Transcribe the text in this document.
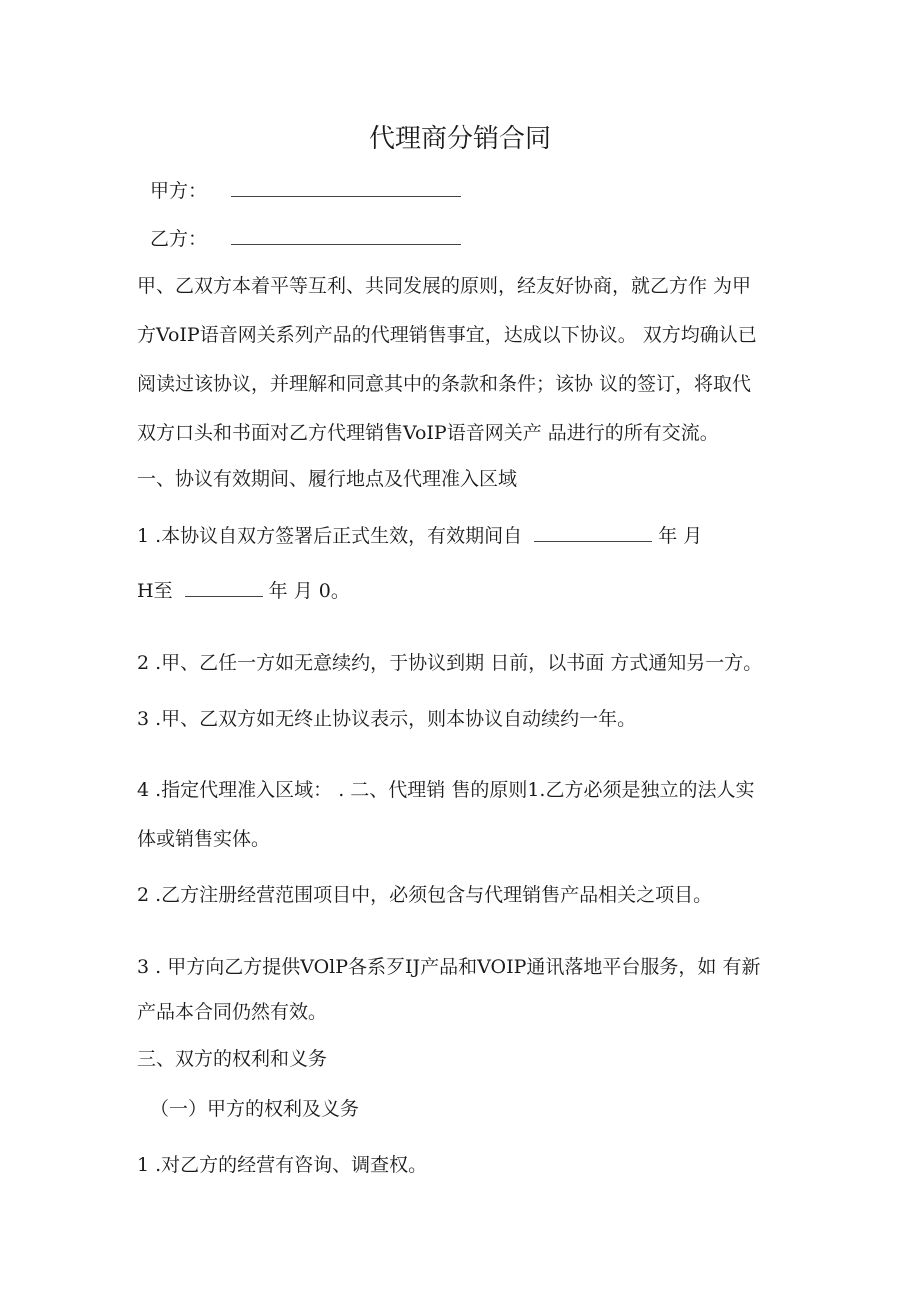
代理商分销合同
甲方：
乙方：
甲、乙双方本着平等互利、共同发展的原则，经友好协商，就乙方作 为甲
方VoIP语音网关系列产品的代理销售事宜，达成以下协议。 双方均确认已
阅读过该协议，并理解和同意其中的条款和条件；该协 议的签订，将取代
双方口头和书面对乙方代理销售VoIP语音网关产 品进行的所有交流。
一、协议有效期间、履行地点及代理准入区域
1 .本协议自双方签署后正式生效，有效期间自	年 月
H至	年 月 0。
2 .甲、乙任一方如无意续约，于协议到期 日前，以书面 方式通知另一方。
3 .甲、乙双方如无终止协议表示，则本协议自动续约一年。
4 .指定代理准入区域： . 二、代理销 售的原则1.乙方必须是独立的法人实
体或销售实体。
2 .乙方注册经营范围项目中，必须包含与代理销售产品相关之项目。
3 . 甲方向乙方提供VOlP各系歹IJ产品和VOIP通讯落地平台服务，如 有新
产品本合同仍然有效。
三、双方的权利和义务
（一）甲方的权利及义务
1 .对乙方的经营有咨询、调查权。
